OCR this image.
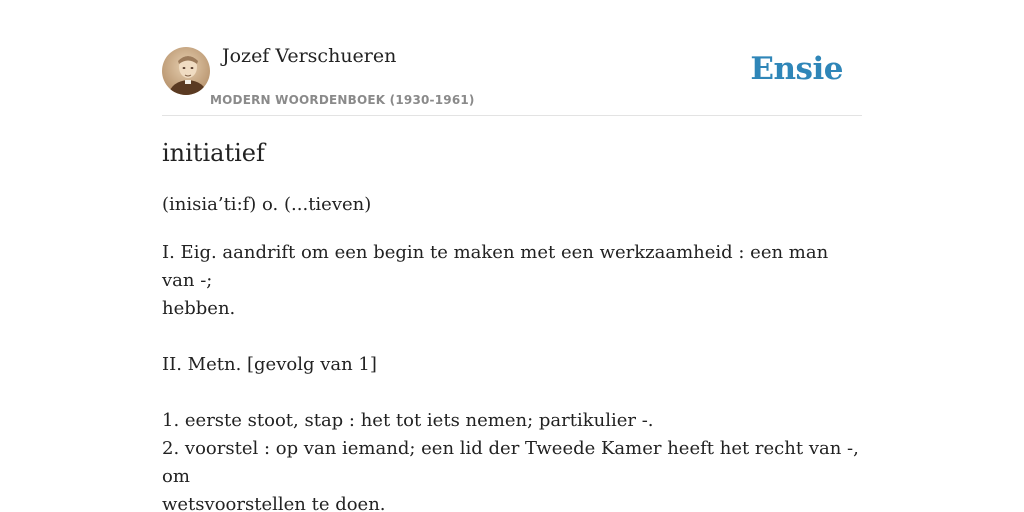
Jozef Verschueren
MODERN WOORDENBOEK (1930-1961)
Ensie
initiatief
(inisia’ti:f) o. (...tieven)
I. Eig. aandrift om een begin te maken met een werkzaamheid : een man van -;
hebben.
II. Metn. [gevolg van 1]
1. eerste stoot, stap : het tot iets nemen; partikulier -.
2. voorstel : op van iemand; een lid der Tweede Kamer heeft het recht van -, om
wetsvoorstellen te doen.
